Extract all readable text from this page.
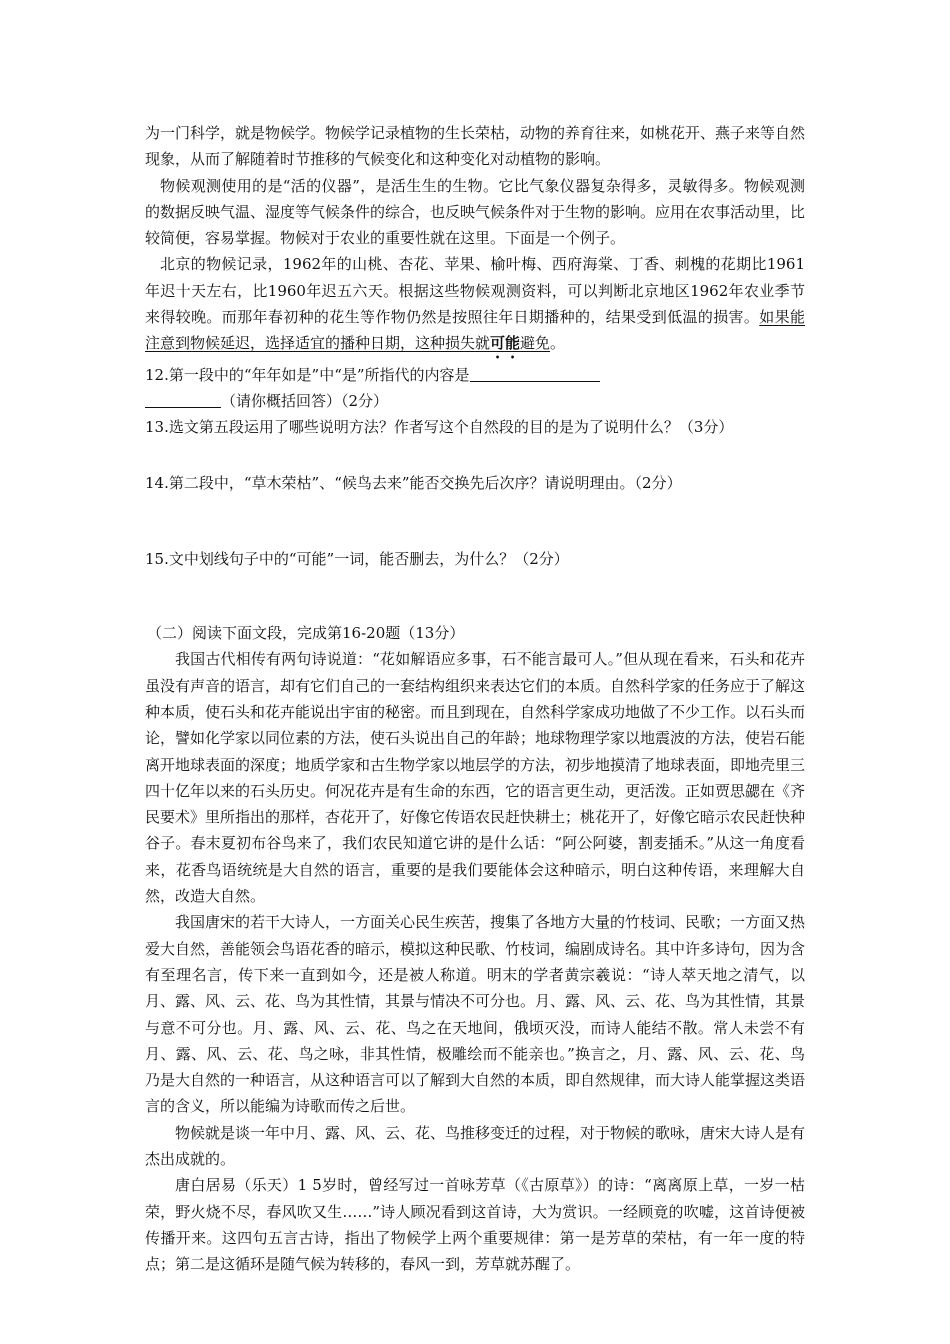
为一门科学，就是物候学。物候学记录植物的生长荣枯，动物的养育往来，如桃花开、燕子来等自然现象，从而了解随着时节推移的气候变化和这种变化对动植物的影响。

物候观测使用的是“活的仪器”，是活生生的生物。它比气象仪器复杂得多，灵敏得多。物候观测的数据反映气温、湿度等气候条件的综合，也反映气候条件对于生物的影响。应用在农事活动里，比较简便，容易掌握。物候对于农业的重要性就在这里。下面是一个例子。

北京的物候记录，1962年的山桃、杏花、苹果、榆叶梅、西府海棠、丁香、刺槐的花期比1961年迟十天左右，比1960年迟五六天。根据这些物候观测资料，可以判断北京地区1962年农业季节来得较晚。而那年春初种的花生等作物仍然是按照往年日期播种的，结果受到低温的损害。如果能注意到物候延迟，选择适宜的播种日期，这种损失就可能避免。

12.第一段中的“年年如是”中“是”所指代的内容是

（请你概括回答）（2分）

13.选文第五段运用了哪些说明方法？作者写这个自然段的目的是为了说明什么？（3分）

14.第二段中，“草木荣枯”、“候鸟去来”能否交换先后次序？请说明理由。（2分）

15.文中划线句子中的“可能”一词，能否删去，为什么？（2分）

（二）阅读下面文段，完成第16-20题（13分）

我国古代相传有两句诗说道：“花如解语应多事，石不能言最可人。”但从现在看来，石头和花卉虽没有声音的语言，却有它们自己的一套结构组织来表达它们的本质。自然科学家的任务应于了解这种本质，使石头和花卉能说出宇宙的秘密。而且到现在，自然科学家成功地做了不少工作。以石头而论，譬如化学家以同位素的方法，使石头说出自己的年龄；地球物理学家以地震波的方法，使岩石能离开地球表面的深度；地质学家和古生物学家以地层学的方法，初步地摸清了地球表面，即地壳里三四十亿年以来的石头历史。何况花卉是有生命的东西，它的语言更生动，更活泼。正如贾思勰在《齐民要术》里所指出的那样，杏花开了，好像它传语农民赶快耕土；桃花开了，好像它暗示农民赶快种谷子。春末夏初布谷鸟来了，我们农民知道它讲的是什么话：“阿公阿婆，割麦插禾。”从这一角度看来，花香鸟语统统是大自然的语言，重要的是我们要能体会这种暗示，明白这种传语，来理解大自然，改造大自然。

我国唐宋的若干大诗人，一方面关心民生疾苦，搜集了各地方大量的竹枝词、民歌；一方面又热爱大自然，善能领会鸟语花香的暗示，模拟这种民歌、竹枝词，编剧成诗名。其中许多诗句，因为含有至理名言，传下来一直到如今，还是被人称道。明末的学者黄宗羲说：“诗人萃天地之清气，以月、露、风、云、花、鸟为其性情，其景与情决不可分也。月、露、风、云、花、鸟为其性情，其景与意不可分也。月、露、风、云、花、鸟之在天地间，俄顷灭没，而诗人能结不散。常人未尝不有月、露、风、云、花、鸟之咏，非其性情，极雕绘而不能亲也。”换言之，月、露、风、云、花、鸟乃是大自然的一种语言，从这种语言可以了解到大自然的本质，即自然规律，而大诗人能掌握这类语言的含义，所以能编为诗歌而传之后世。

物候就是谈一年中月、露、风、云、花、鸟推移变迁的过程，对于物候的歌咏，唐宋大诗人是有杰出成就的。

唐白居易（乐天）1 5岁时，曾经写过一首咏芳草（《古原草》）的诗：“离离原上草，一岁一枯荣，野火烧不尽，春风吹又生……”诗人顾况看到这首诗，大为赏识。一经顾竟的吹嘘，这首诗便被传播开来。这四句五言古诗，指出了物候学上两个重要规律：第一是芳草的荣枯，有一年一度的特点；第二是这循环是随气候为转移的，春风一到，芳草就苏醒了。
